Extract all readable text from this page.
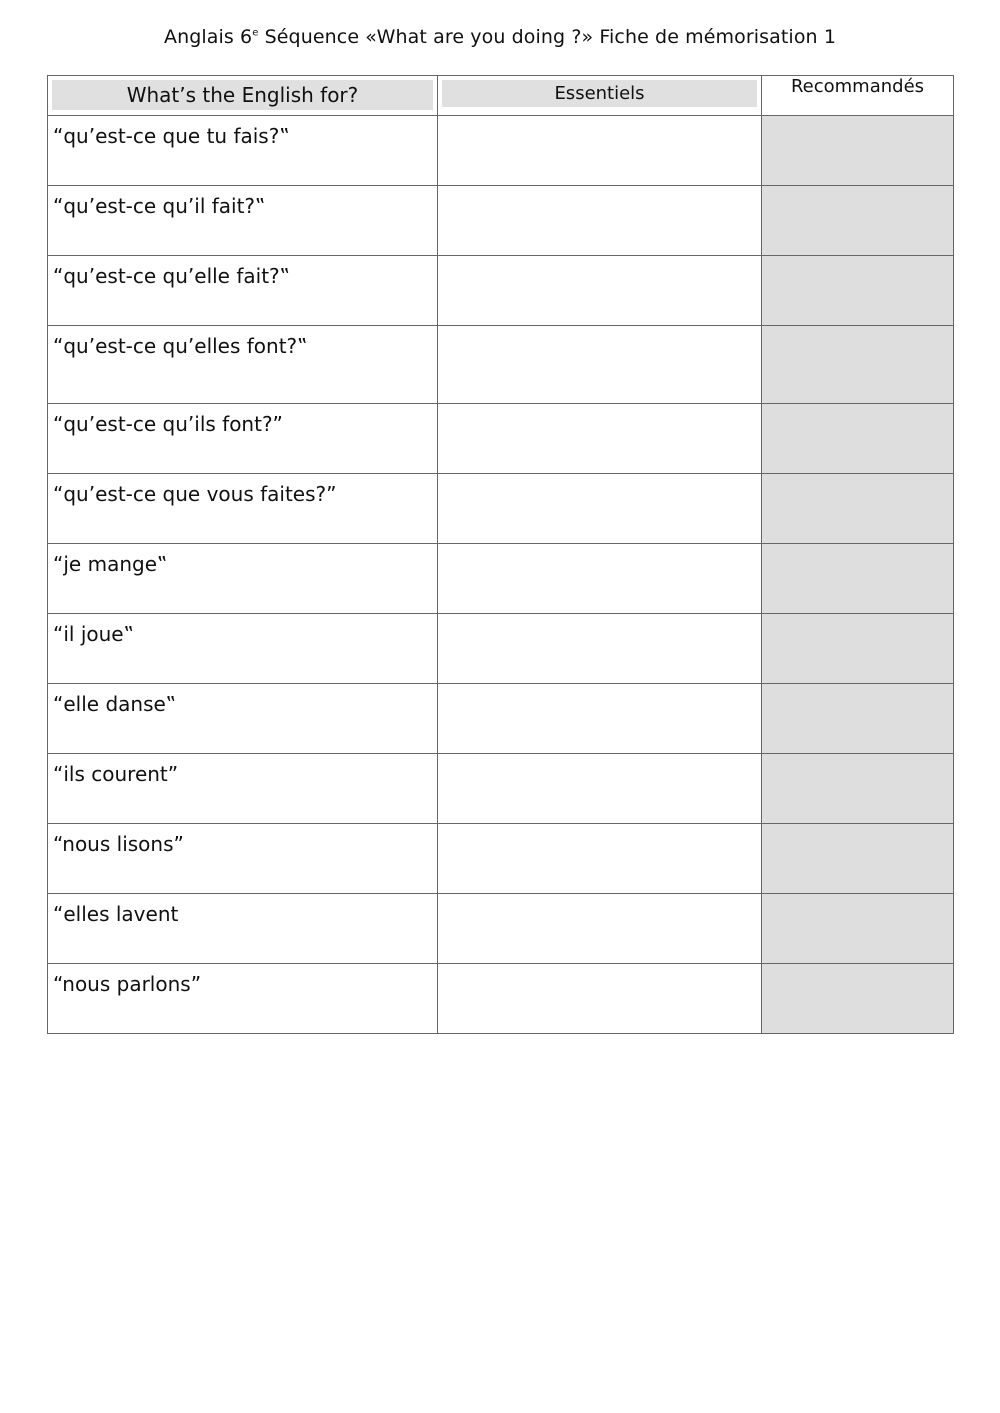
Anglais 6e Séquence «What are you doing ?» Fiche de mémorisation 1
What’s the English for?	Essentiels	Recommandés
“qu’est-ce que tu fais?‟		
“qu’est-ce qu’il fait?‟		
“qu’est-ce qu’elle fait?‟		
“qu’est-ce qu’elles font?‟		
“qu’est-ce qu’ils font?”		
“qu’est-ce que vous faites?”		
“je mange‟		
“il joue‟		
“elle danse‟		
“ils courent”		
“nous lisons”		
“elles lavent		
“nous parlons”		
